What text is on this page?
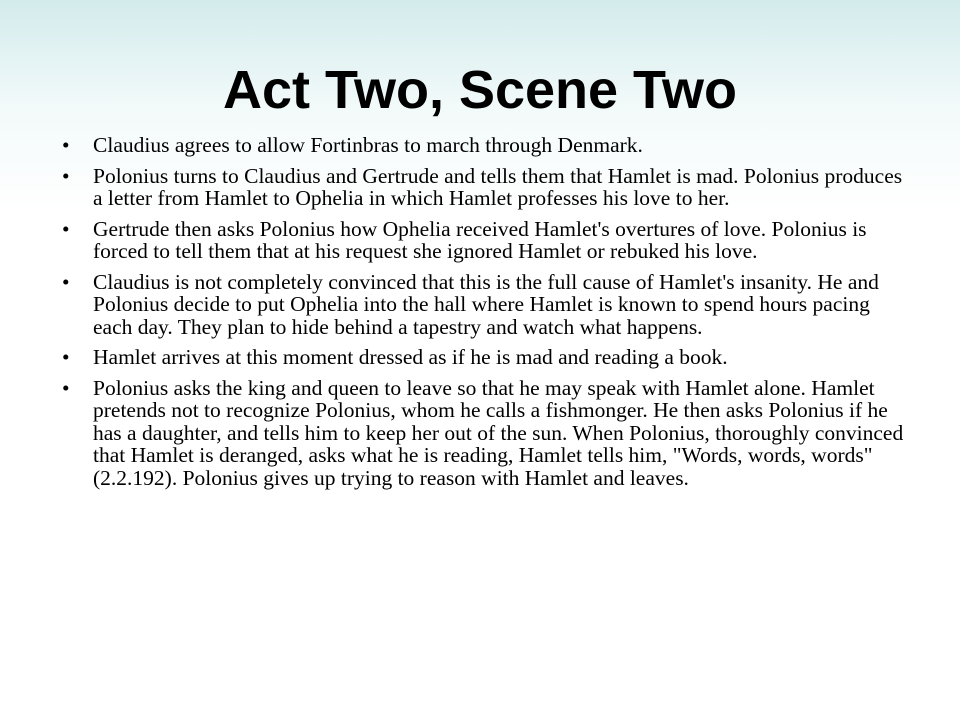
Act Two, Scene Two
• Claudius agrees to allow Fortinbras to march through Denmark.
• Polonius turns to Claudius and Gertrude and tells them that Hamlet is mad. Polonius produces a letter from Hamlet to Ophelia in which Hamlet professes his love to her.
• Gertrude then asks Polonius how Ophelia received Hamlet's overtures of love. Polonius is forced to tell them that at his request she ignored Hamlet or rebuked his love.
• Claudius is not completely convinced that this is the full cause of Hamlet's insanity. He and Polonius decide to put Ophelia into the hall where Hamlet is known to spend hours pacing each day. They plan to hide behind a tapestry and watch what happens.
• Hamlet arrives at this moment dressed as if he is mad and reading a book.
• Polonius asks the king and queen to leave so that he may speak with Hamlet alone. Hamlet pretends not to recognize Polonius, whom he calls a fishmonger. He then asks Polonius if he has a daughter, and tells him to keep her out of the sun. When Polonius, thoroughly convinced that Hamlet is deranged, asks what he is reading, Hamlet tells him, "Words, words, words" (2.2.192). Polonius gives up trying to reason with Hamlet and leaves.
